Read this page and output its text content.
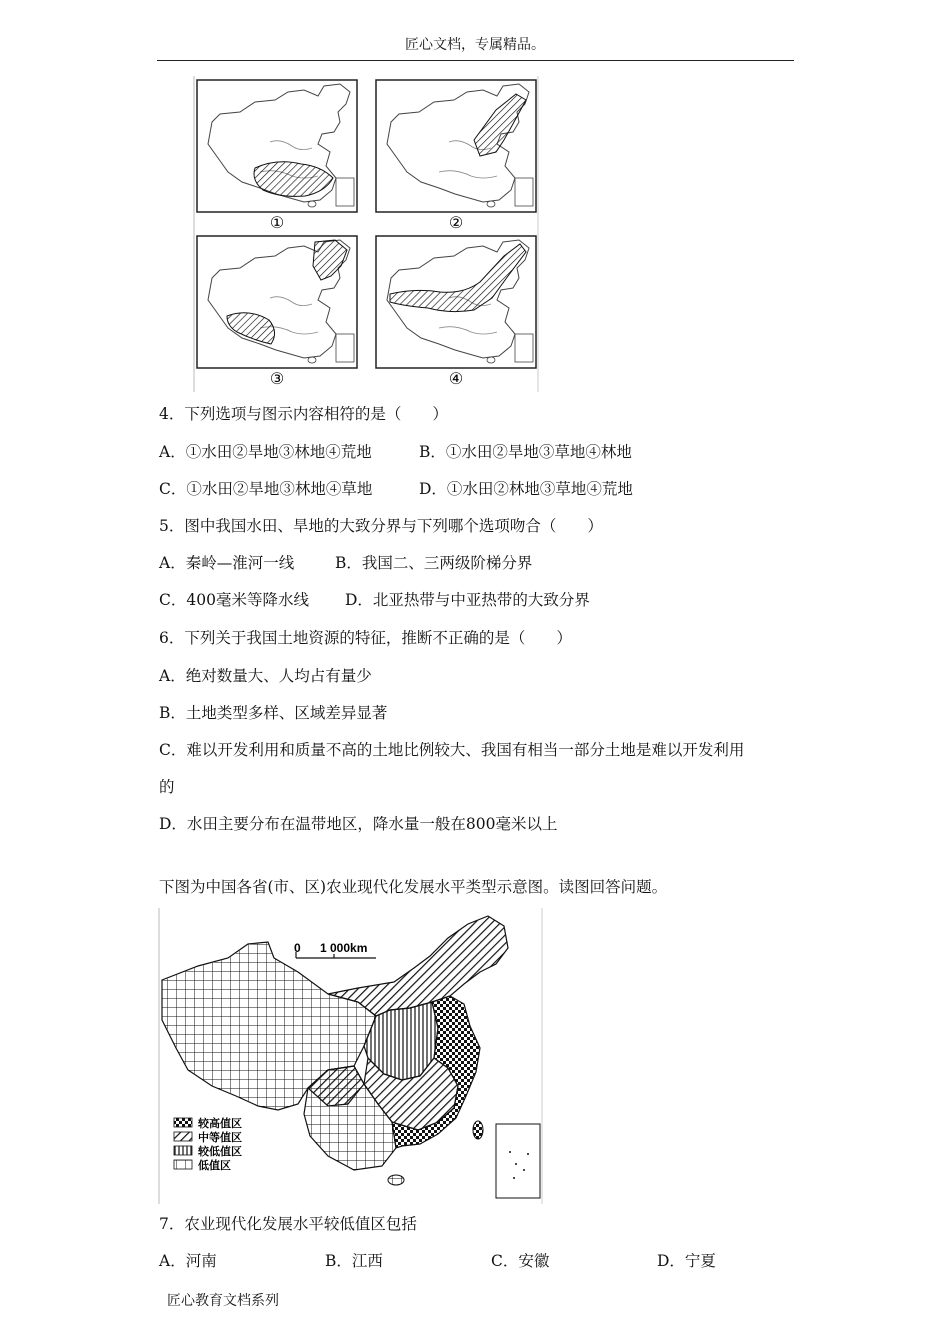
匠心文档，专属精品。
①	②
③	④
4．下列选项与图示内容相符的是（　　）
A．①水田②旱地③林地④荒地	B．①水田②旱地③草地④林地
C．①水田②旱地③林地④草地	D．①水田②林地③草地④荒地
5．图中我国水田、旱地的大致分界与下列哪个选项吻合（　　）
A．秦岭—淮河一线	B．我国二、三两级阶梯分界
C．400毫米等降水线 D．北亚热带与中亚热带的大致分界
6．下列关于我国土地资源的特征，推断不正确的是（　　）
A．绝对数量大、人均占有量少
B．土地类型多样、区域差异显著
C．难以开发利用和质量不高的土地比例较大、我国有相当一部分土地是难以开发利用
的
D．水田主要分布在温带地区，降水量一般在800毫米以上
下图为中国各省(市、区)农业现代化发展水平类型示意图。读图回答问题。
0 1 000km
较高值区
中等值区
较低值区
低值区
7．农业现代化发展水平较低值区包括
A．河南	B．江西	C．安徽	D．宁夏
匠心教育文档系列
